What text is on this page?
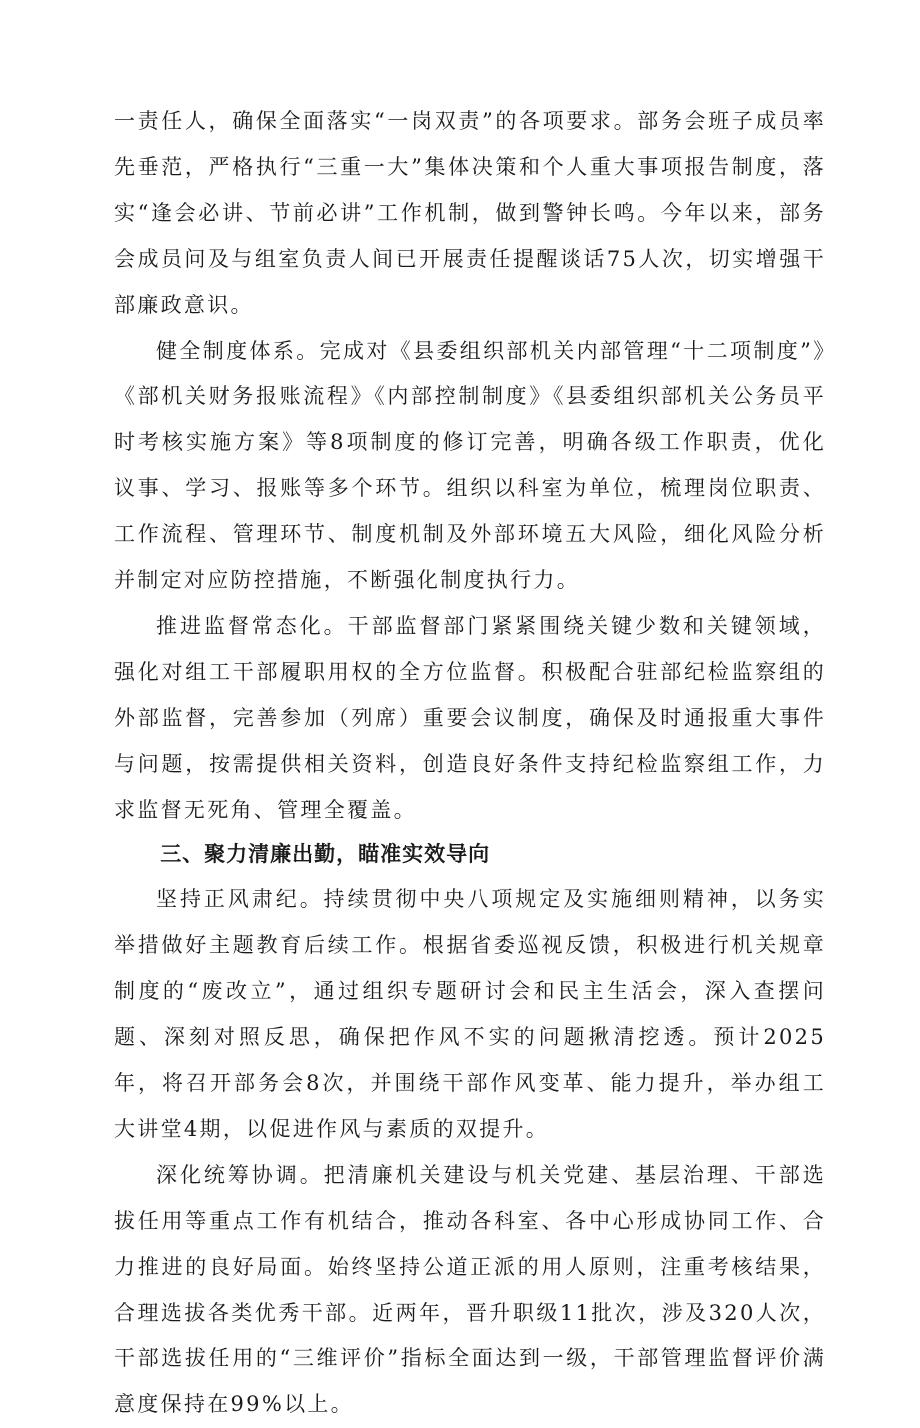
一责任人，确保全面落实“一岗双责”的各项要求。部务会班子成员率先垂范，严格执行“三重一大”集体决策和个人重大事项报告制度，落实“逢会必讲、节前必讲”工作机制，做到警钟长鸣。今年以来，部务会成员问及与组室负责人间已开展责任提醒谈话75人次，切实增强干部廉政意识。

健全制度体系。完成对《县委组织部机关内部管理“十二项制度”》《部机关财务报账流程》《内部控制制度》《县委组织部机关公务员平时考核实施方案》等8项制度的修订完善，明确各级工作职责，优化议事、学习、报账等多个环节。组织以科室为单位，梳理岗位职责、工作流程、管理环节、制度机制及外部环境五大风险，细化风险分析并制定对应防控措施，不断强化制度执行力。

推进监督常态化。干部监督部门紧紧围绕关键少数和关键领域，强化对组工干部履职用权的全方位监督。积极配合驻部纪检监察组的外部监督，完善参加（列席）重要会议制度，确保及时通报重大事件与问题，按需提供相关资料，创造良好条件支持纪检监察组工作，力求监督无死角、管理全覆盖。

三、聚力清廉出勤，瞄准实效导向

坚持正风肃纪。持续贯彻中央八项规定及实施细则精神，以务实举措做好主题教育后续工作。根据省委巡视反馈，积极进行机关规章制度的“废改立”，通过组织专题研讨会和民主生活会，深入查摆问题、深刻对照反思，确保把作风不实的问题揪清挖透。预计2025年，将召开部务会8次，并围绕干部作风变革、能力提升，举办组工大讲堂4期，以促进作风与素质的双提升。

深化统筹协调。把清廉机关建设与机关党建、基层治理、干部选拔任用等重点工作有机结合，推动各科室、各中心形成协同工作、合力推进的良好局面。始终坚持公道正派的用人原则，注重考核结果，合理选拔各类优秀干部。近两年，晋升职级11批次，涉及320人次，干部选拔任用的“三维评价”指标全面达到一级，干部管理监督评价满意度保持在99%以上。
